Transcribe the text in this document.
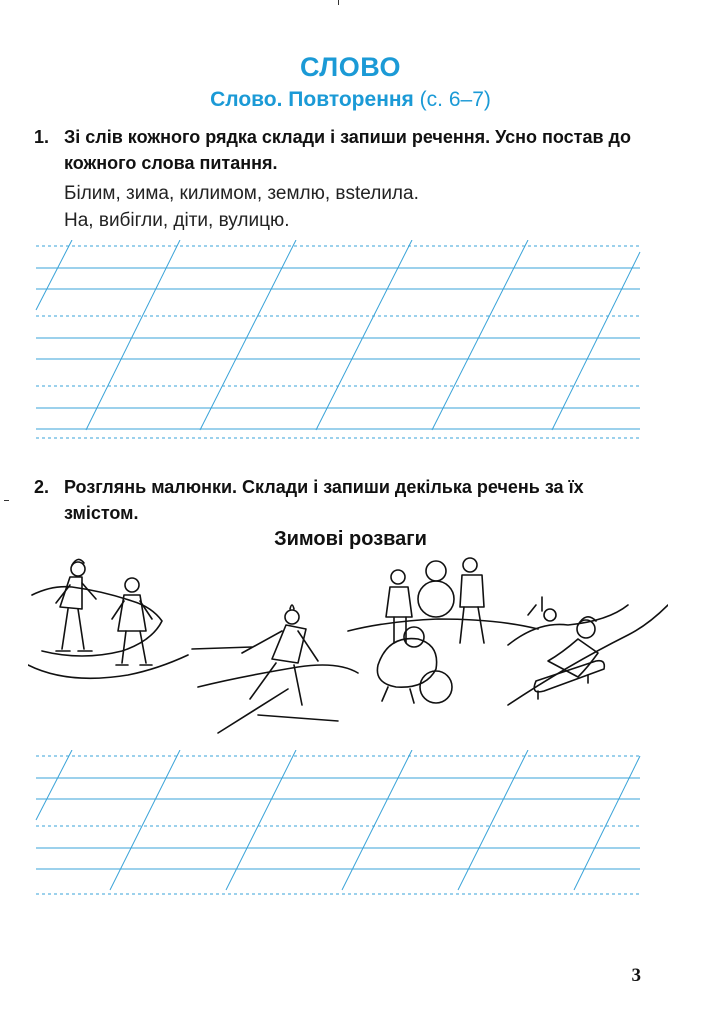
СЛОВО
Слово. Повторення (с. 6–7)
1. Зі слів кожного рядка склади і запиши речення. Усно постав до кожного слова питання.
Білим, зима, килимом, землю, вstелила.
На, вибігли, діти, вулицю.
2. Розглянь малюнки. Склади і запиши декілька речень за їх змістом.
Зимові розваги
3
